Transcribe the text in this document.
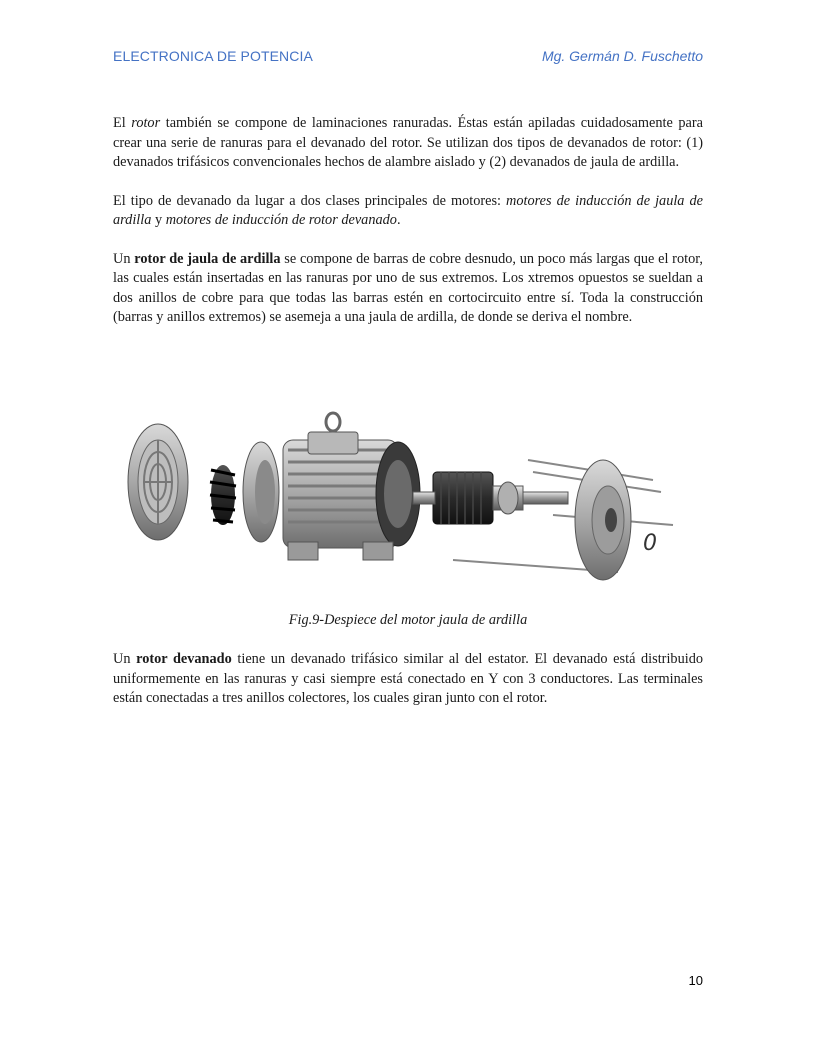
ELECTRONICA DE POTENCIA	Mg. Germán D. Fuschetto

El rotor también se compone de laminaciones ranuradas. Éstas están apiladas cuidadosamente para crear una serie de ranuras para el devanado del rotor. Se utilizan dos tipos de devanados de rotor: (1) devanados trifásicos convencionales hechos de alambre aislado y (2) devanados de jaula de ardilla.

El tipo de devanado da lugar a dos clases principales de motores: motores de inducción de jaula de ardilla y motores de inducción de rotor devanado.

Un rotor de jaula de ardilla se compone de barras de cobre desnudo, un poco más largas que el rotor, las cuales están insertadas en las ranuras por uno de sus extremos. Los xtremos opuestos se sueldan a dos anillos de cobre para que todas las barras estén en cortocircuito entre sí. Toda la construcción (barras y anillos extremos) se asemeja a una jaula de ardilla, de donde se deriva el nombre.

0
Fig.9-Despiece del motor jaula de ardilla

Un rotor devanado tiene un devanado trifásico similar al del estator. El devanado está distribuido uniformemente en las ranuras y casi siempre está conectado en Y con 3 conductores. Las terminales están conectadas a tres anillos colectores, los cuales giran junto con el rotor.

10
